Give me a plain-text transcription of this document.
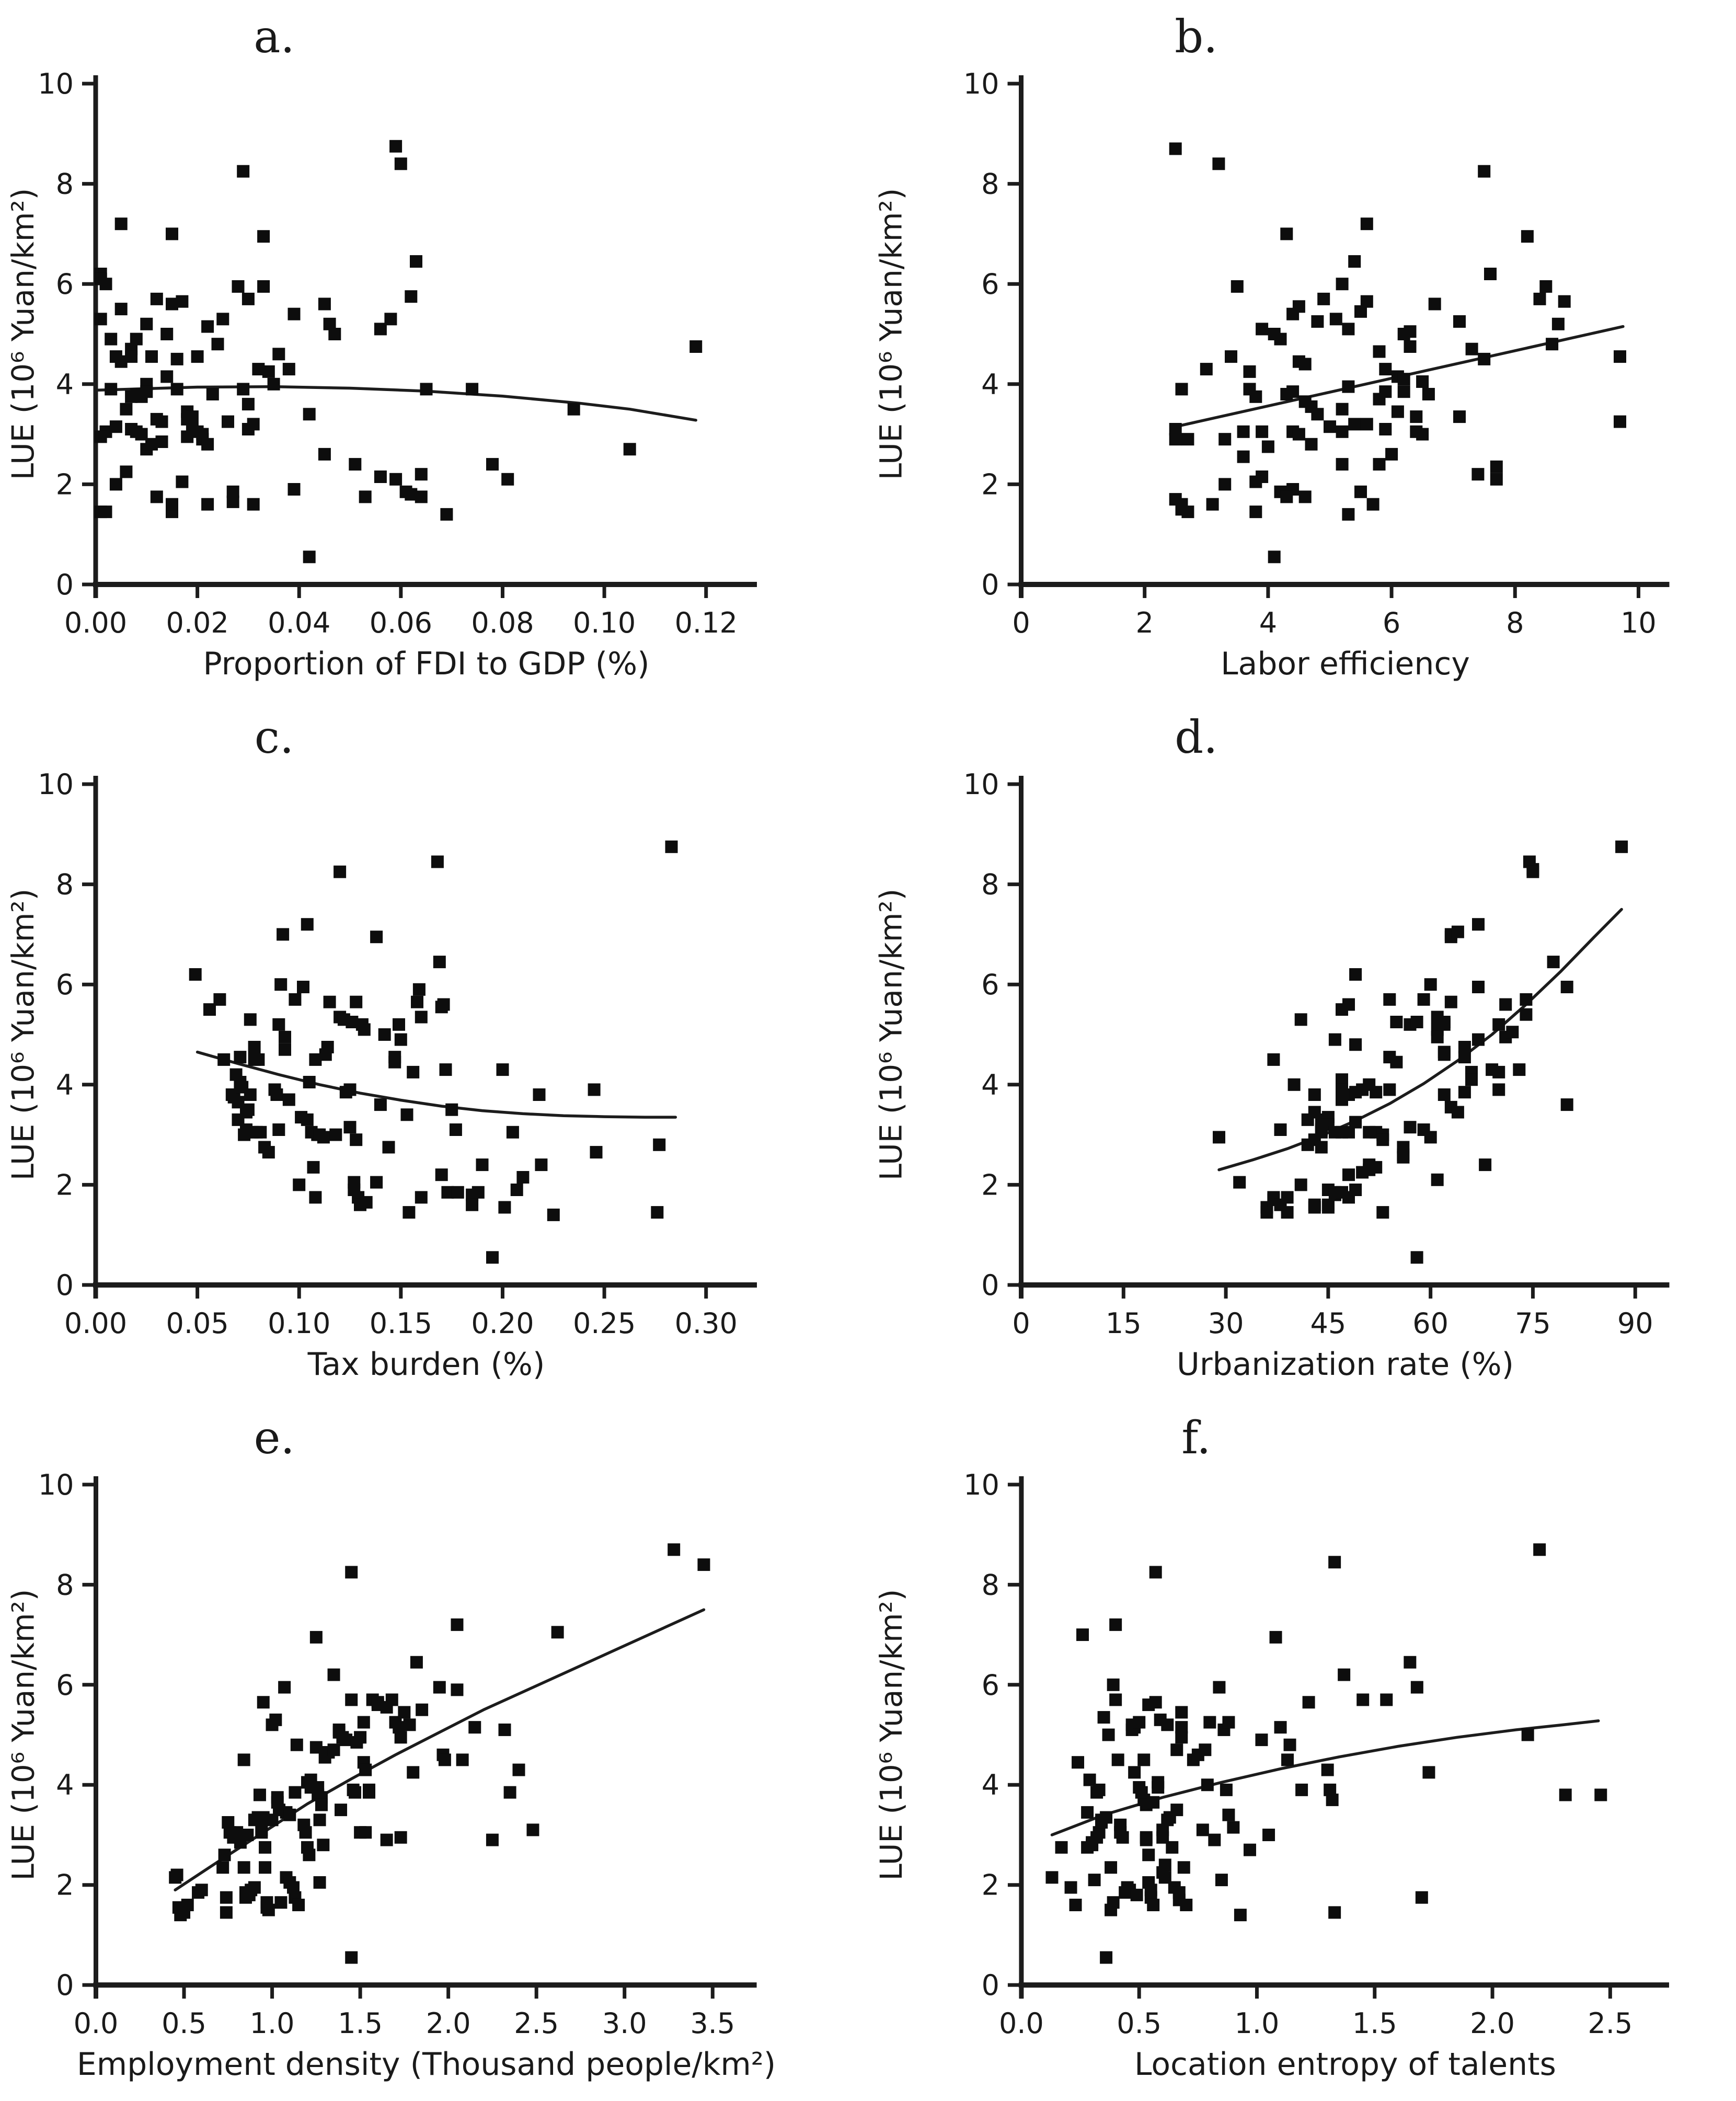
a.
0.00 0.02 0.04 0.06 0.08 0.10 0.12
0
2
4
6
8
10
Proportion of FDI to GDP (%)
LUE (10⁶ Yuan/km²)
b.
0	2	4	6	8	10
0
2
4
6
8
10
Labor efficiency
LUE (10⁶ Yuan/km²)
c.
0.00 0.05 0.10 0.15 0.20 0.25 0.30
0
2
4
6
8
10
Tax burden (%)
LUE (10⁶ Yuan/km²)
d.
0	15 30 45 60 75 90
0
2
4
6
8
10
Urbanization rate (%)
LUE (10⁶ Yuan/km²)
e.
0.0 0.5 1.0 1.5 2.0 2.5 3.0 3.5
0
2
4
6
8
10
Employment density (Thousand people/km²)
LUE (10⁶ Yuan/km²)
f.
0.0	0.5	1.0	1.5	2.0	2.5
0
2
4
6
8
10
Location entropy of talents
LUE (10⁶ Yuan/km²)
